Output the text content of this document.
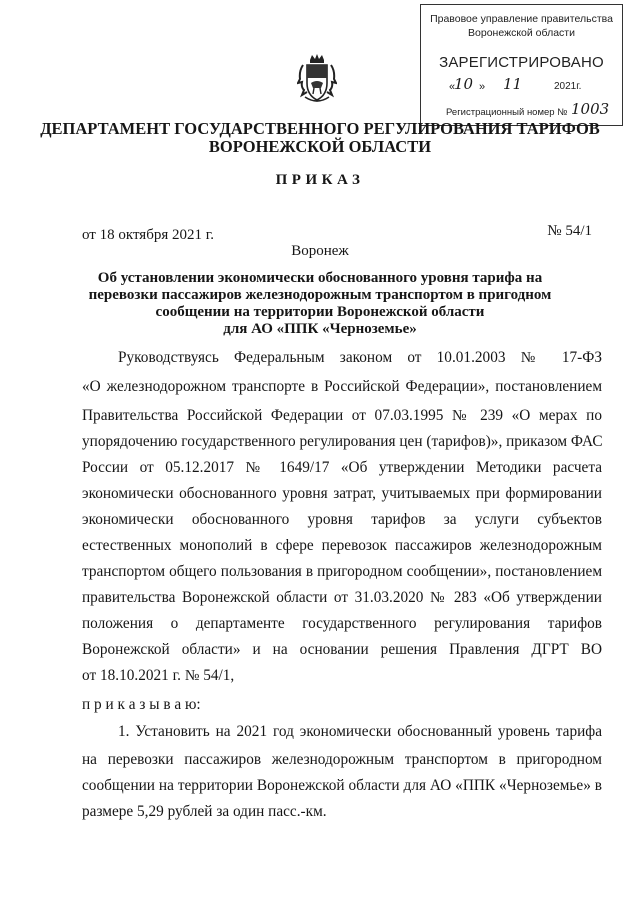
Правовое управление правительства
Воронежской области
ЗАРЕГИСТРИРОВАНО
«
10 » 11	2021г.
Регистрационный номер № 1003
ДЕПАРТАМЕНТ ГОСУДАРСТВЕННОГО РЕГУЛИРОВАНИЯ ТАРИФОВ
ВОРОНЕЖСКОЙ ОБЛАСТИ
ПРИКАЗ
от 18 октября 2021 г.	№ 54/1
Воронеж
Об установлении экономически обоснованного уровня тарифа на
перевозки пассажиров железнодорожным транспортом в пригодном
сообщении на территории Воронежской области
для АО «ППК «Черноземье»
Руководствуясь Федеральным законом от 10.01.2003 № 17-ФЗ
«О железнодорожном транспорте в Российской Федерации», постановлением
Правительства Российской Федерации от 07.03.1995 № 239 «О мерах по
упорядочению государственного регулирования цен (тарифов)», приказом ФАС
России от 05.12.2017 № 1649/17 «Об утверждении Методики расчета
экономически обоснованного уровня затрат, учитываемых при формировании
экономически обоснованного уровня тарифов за услуги субъектов
естественных монополий в сфере перевозок пассажиров железнодорожным
транспортом общего пользования в пригородном сообщении», постановлением
правительства Воронежской области от 31.03.2020 № 283 «Об утверждении
положения о департаменте государственного регулирования тарифов
Воронежской области» и на основании решения Правления ДГРТ ВО
от 18.10.2021 г. № 54/1,
п р и к а з ы в а ю:
1. Установить на 2021 год экономически обоснованный уровень тарифа
на перевозки пассажиров железнодорожным транспортом в пригородном
сообщении на территории Воронежской области для АО «ППК «Черноземье» в
размере 5,29 рублей за один пасс.-км.
